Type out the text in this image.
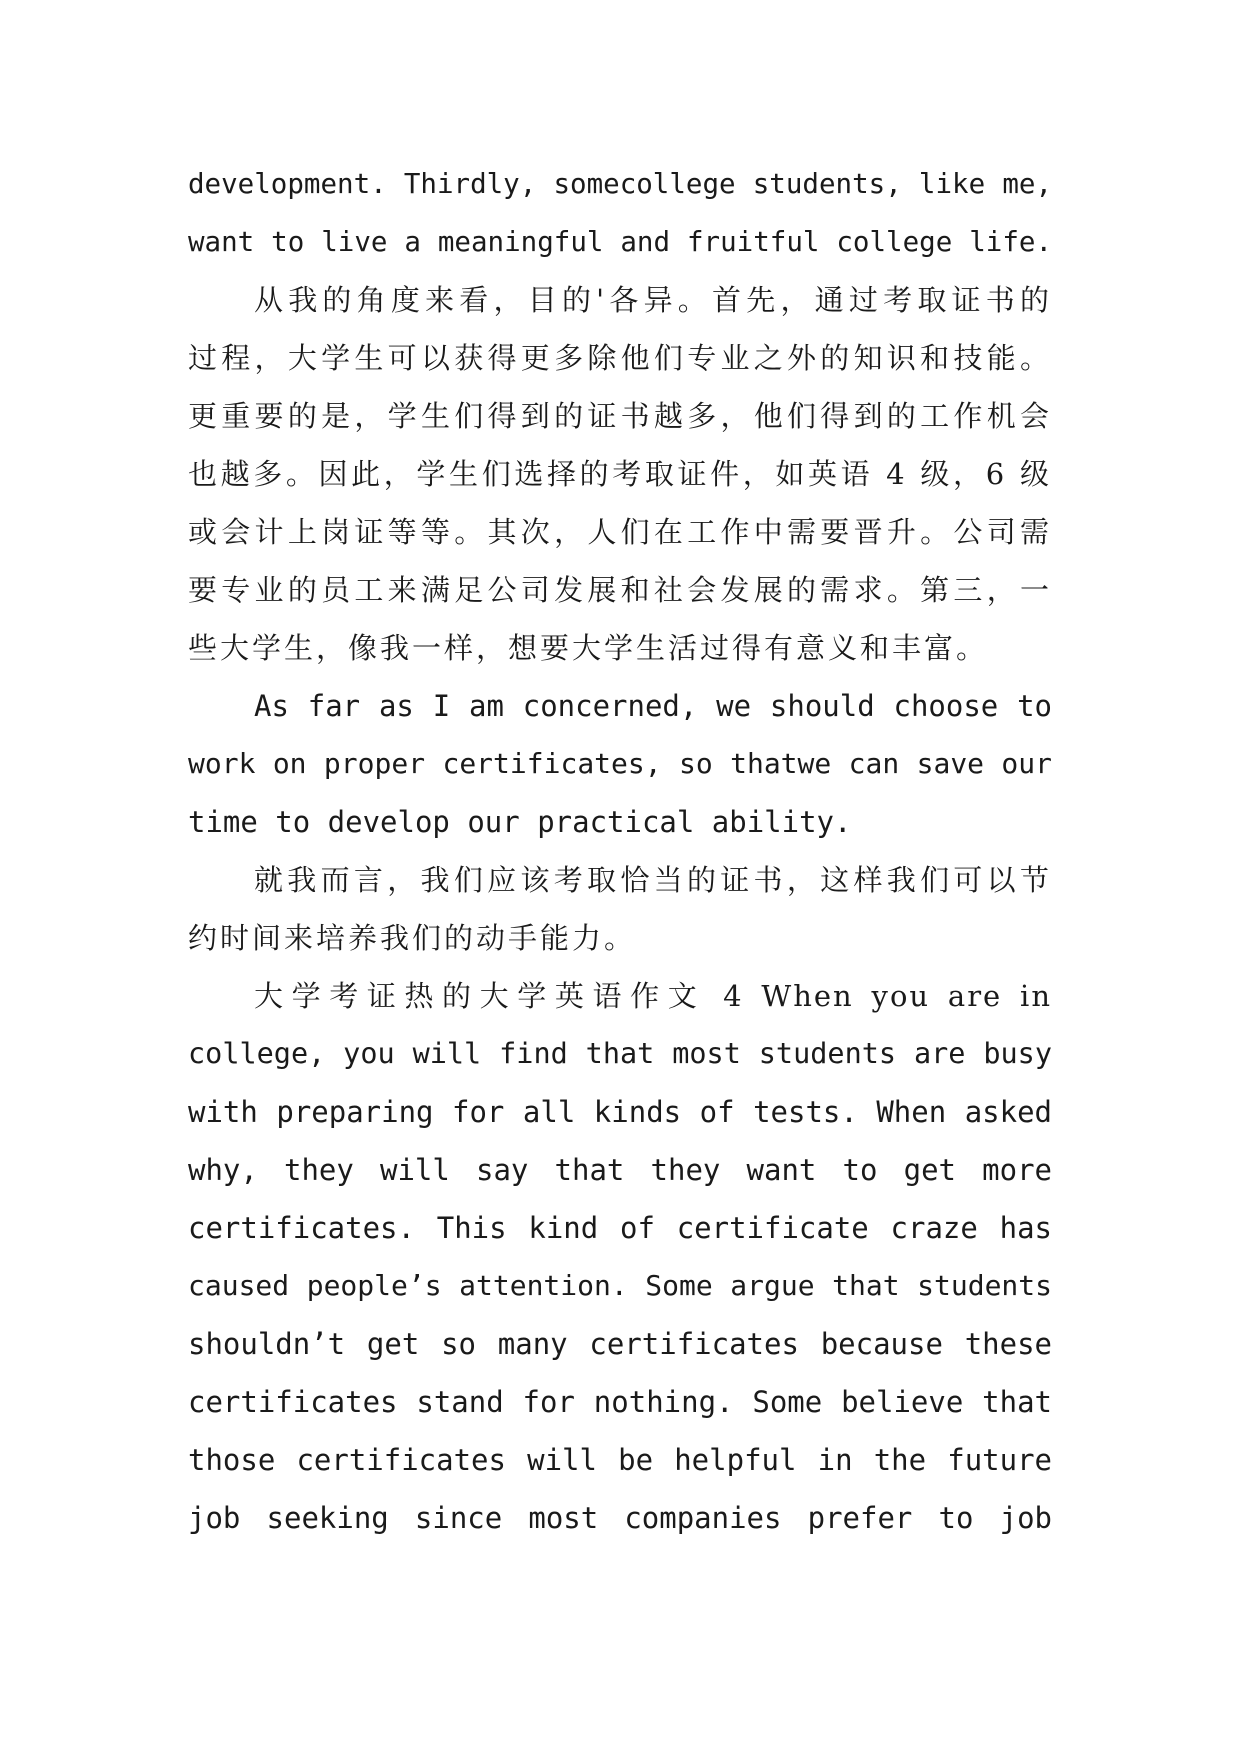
development. Thirdly, somecollege students, like me,
want to live a meaningful and fruitful college life.
从我的角度来看，目的'各异。首先，通过考取证书的
过程，大学生可以获得更多除他们专业之外的知识和技能。
更重要的是，学生们得到的证书越多，他们得到的工作机会
也越多。因此，学生们选择的考取证件，如英语 4 级，6 级
或会计上岗证等等。其次，人们在工作中需要晋升。公司需
要专业的员工来满足公司发展和社会发展的需求。第三，一
些大学生，像我一样，想要大学生活过得有意义和丰富。
As far as I am concerned, we should choose to
work on proper certificates, so thatwe can save our
time to develop our practical ability.
就我而言，我们应该考取恰当的证书，这样我们可以节
约时间来培养我们的动手能力。
大学考证热的大学英语作文 4 When you are in
college, you will find that most students are busy
with preparing for all kinds of tests. When asked
why, they will say that they want to get more
certificates. This kind of certificate craze has
caused people’s attention. Some argue that students
shouldn’t get so many certificates because these
certificates stand for nothing. Some believe that
those certificates will be helpful in the future
job seeking since most companies prefer to job
